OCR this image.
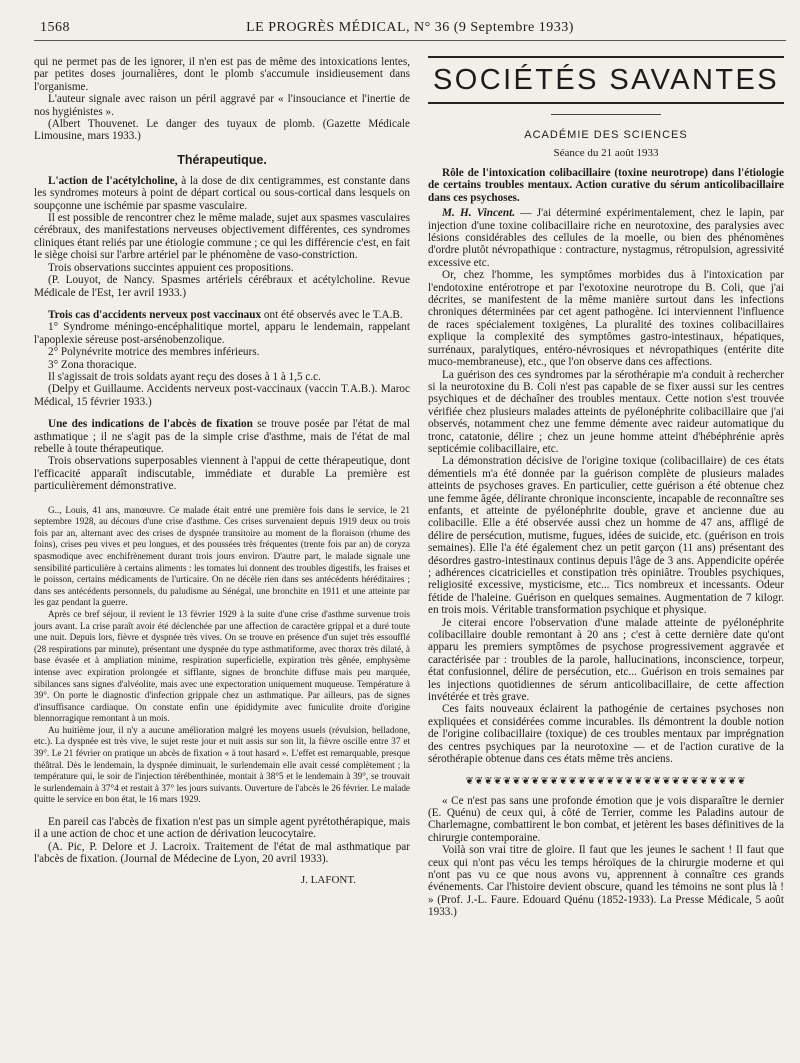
1568	LE PROGRÈS MÉDICAL, N° 36 (9 Septembre 1933)

qui ne permet pas de les ignorer, il n'en est pas de même des intoxications lentes, par petites doses journalières, dont le plomb s'accumule insidieusement dans l'organisme.

L'auteur signale avec raison un péril aggravé par « l'insouciance et l'inertie de nos hygiénistes ».

(Albert Thouvenet. Le danger des tuyaux de plomb. (Gazette Médicale Limousine, mars 1933.)

Thérapeutique.

L'action de l'acétylcholine, à la dose de dix centigrammes, est constante dans les syndromes moteurs à point de départ cortical ou sous-cortical dans lesquels on soupçonne une ischémie par spasme vasculaire.

Il est possible de rencontrer chez le même malade, sujet aux spasmes vasculaires cérébraux, des manifestations nerveuses objectivement différentes, ces syndromes cliniques étant reliés par une étiologie commune ; ce qui les différencie c'est, en fait le siège choisi sur l'arbre artériel par le phénomène de vaso-constriction.

Trois observations succintes appuient ces propositions.

(P. Louyot, de Nancy. Spasmes artériels cérébraux et acétylcholine. Revue Médicale de l'Est, 1er avril 1933.)

Trois cas d'accidents nerveux post vaccinaux ont été observés avec le T.A.B.

1° Syndrome méningo-encéphalitique mortel, apparu le lendemain, rappelant l'apoplexie séreuse post-arsénobenzolique.

2° Polynévrite motrice des membres inférieurs.

3° Zona thoracique.

Il s'agissait de trois soldats ayant reçu des doses à 1 à 1,5 c.c.

(Delpy et Guillaume. Accidents nerveux post-vaccinaux (vaccin T.A.B.). Maroc Médical, 15 février 1933.)

Une des indications de l'abcès de fixation se trouve posée par l'état de mal asthmatique ; il ne s'agit pas de la simple crise d'asthme, mais de l'état de mal rebelle à toute thérapeutique.

Trois observations superposables viennent à l'appui de cette thérapeutique, dont l'efficacité apparaît indiscutable, immédiate et durable La première est particulièrement démonstrative.

G.., Louis, 41 ans, manœuvre. Ce malade était entré une première fois dans le service, le 21 septembre 1928, au décours d'une crise d'asthme. Ces crises survenaient depuis 1919 deux ou trois fois par an, alternant avec des crises de dyspnée transitoire au moment de la floraison (rhume des foins), crises peu vives et peu longues, et des poussées très fréquentes (trente fois par an) de coryza spasmodique avec enchifrènement durant trois jours environ. D'autre part, le malade signale une sensibilité particulière à certains aliments : les tomates lui donnent des troubles digestifs, les fraises et le poisson, certains médicaments de l'urticaire. On ne décèle rien dans ses antécédents héréditaires ; dans ses antécédents personnels, du paludisme au Sénégal, une bronchite en 1911 et une atteinte par les gaz pendant la guerre.

Après ce bref séjour, il revient le 13 février 1929 à la suite d'une crise d'asthme survenue trois jours avant. La crise paraît avoir été déclenchée par une affection de caractère grippal et a duré toute une nuit. Depuis lors, fièvre et dyspnée très vives. On se trouve en présence d'un sujet très essoufflé (28 respirations par minute), présentant une dyspnée du type asthmatiforme, avec thorax très dilaté, à base évasée et à ampliation minime, respiration superficielle, expiration très gênée, emphysème intense avec expiration prolongée et sifflante, signes de bronchite diffuse mais peu marquée, sibilances sans signes d'alvéolite, mais avec une expectoration uniquement muqueuse. Température à 39°. On porte le diagnostic d'infection grippale chez un asthmatique. Par ailleurs, pas de signes d'insuffisance cardiaque. On constate enfin une épididymite avec funiculite droite d'origine blennorragique remontant à un mois.

Au huitième jour, il n'y a aucune amélioration malgré les moyens usuels (révulsion, belladone, etc.). La dyspnée est très vive, le sujet reste jour et nuit assis sur son lit, la fièvre oscille entre 37 et 39°. Le 21 février on pratique un abcès de fixation « à tout hasard ». L'effet est remarquable, presque théâtral. Dès le lendemain, la dyspnée diminuait, le surlendemain elle avait cessé complètement ; la température qui, le soir de l'injection térébenthinée, montait à 38°5 et le lendemain à 39°, se trouvait le surlendemain à 37°4 et restait à 37° les jours suivants. Ouverture de l'abcès le 26 février. Le malade quitte le service en bon état, le 16 mars 1929.

En pareil cas l'abcès de fixation n'est pas un simple agent pyrétothérapique, mais il a une action de choc et une action de dérivation leucocytaire.

(A. Pic, P. Delore et J. Lacroix. Traitement de l'état de mal asthmatique par l'abcès de fixation. (Journal de Médecine de Lyon, 20 avril 1933).

J. LAFONT.
SOCIÉTÉS SAVANTES
ACADÉMIE DES SCIENCES
Séance du 21 août 1933

Rôle de l'intoxication colibacillaire (toxine neurotrope) dans l'étiologie de certains troubles mentaux. Action curative du sérum anticolibacillaire dans ces psychoses.

M. H. Vincent. — J'ai déterminé expérimentalement, chez le lapin, par injection d'une toxine colibacillaire riche en neurotoxine, des paralysies avec lésions considérables des cellules de la moelle, ou bien des phénomènes d'ordre plutôt névropathique : contracture, nystagmus, rétropulsion, agressivité excessive etc.

Or, chez l'homme, les symptômes morbides dus à l'intoxication par l'endotoxine entérotrope et par l'exotoxine neurotrope du B. Coli, que j'ai décrites, se manifestent de la même manière surtout dans les infections chroniques déterminées par cet agent pathogène. Ici interviennent l'influence de races spécialement toxigènes, La pluralité des toxines colibacillaires explique la complexité des symptômes gastro-intestinaux, hépatiques, surrénaux, paralytiques, entéro-névrosiques et névropathiques (entérite dite muco-membraneuse), etc., que l'on observe dans ces affections.

La guérison des ces syndromes par la sérothérapie m'a conduit à rechercher si la neurotoxine du B. Coli n'est pas capable de se fixer aussi sur les centres psychiques et de déchaîner des troubles mentaux. Cette notion s'est trouvée vérifiée chez plusieurs malades atteints de pyélonéphrite colibacillaire que j'ai observés, notamment chez une femme démente avec raideur automatique du tronc, catatonie, délire ; chez un jeune homme atteint d'hébéphrénie après septicémie colibacillaire, etc.

La démonstration décisive de l'origine toxique (colibacillaire) de ces états démentiels m'a été donnée par la guérison complète de plusieurs malades atteints de psychoses graves. En particulier, cette guérison a été obtenue chez une femme âgée, délirante chronique inconsciente, incapable de reconnaître ses enfants, et atteinte de pyélonéphrite double, grave et ancienne due au colibacille. Elle a été observée aussi chez un homme de 47 ans, affligé de délire de persécution, mutisme, fugues, idées de suicide, etc. (guérison en trois semaines). Elle l'a été également chez un petit garçon (11 ans) présentant des désordres gastro-intestinaux continus depuis l'âge de 3 ans. Appendicite opérée ; adhérences cicatricielles et constipation très opiniâtre. Troubles psychiques, religiosité excessive, mysticisme, etc... Tics nombreux et incessants. Odeur fétide de l'haleine. Guérison en quelques semaines. Augmentation de 7 kilogr. en trois mois. Véritable transformation psychique et physique.

Je citerai encore l'observation d'une malade atteinte de pyélonéphrite colibacillaire double remontant à 20 ans ; c'est à cette dernière date qu'ont apparu les premiers symptômes de psychose progressivement aggravée et caractérisée par : troubles de la parole, hallucinations, inconscience, torpeur, état confusionnel, délire de persécution, etc... Guérison en trois semaines par les injections quotidiennes de sérum anticolibacillaire, de cette affection invétérée et très grave.

Ces faits nouveaux éclairent la pathogénie de certaines psychoses non expliquées et considérées comme incurables. Ils démontrent la double notion de l'origine colibacillaire (toxique) de ces troubles mentaux par imprégnation des centres psychiques par la neurotoxine — et de l'action curative de la sérothérapie obtenue dans ces états même très anciens.

❦❦❦❦❦❦❦❦❦❦❦❦❦❦❦❦❦❦❦❦❦❦❦❦❦❦❦❦❦❦

« Ce n'est pas sans une profonde émotion que je vois disparaître le dernier (E. Quénu) de ceux qui, à côté de Terrier, comme les Paladins autour de Charlemagne, combattirent le bon combat, et jetèrent les bases définitives de la chirurgie contemporaine.

Voilà son vrai titre de gloire. Il faut que les jeunes le sachent ! Il faut que ceux qui n'ont pas vécu les temps héroïques de la chirurgie moderne et qui n'ont pas vu ce que nous avons vu, apprennent à connaître ces grands événements. Car l'histoire devient obscure, quand les témoins ne sont plus là ! » (Prof. J.-L. Faure. Edouard Quénu (1852-1933). La Presse Médicale, 5 août 1933.)
